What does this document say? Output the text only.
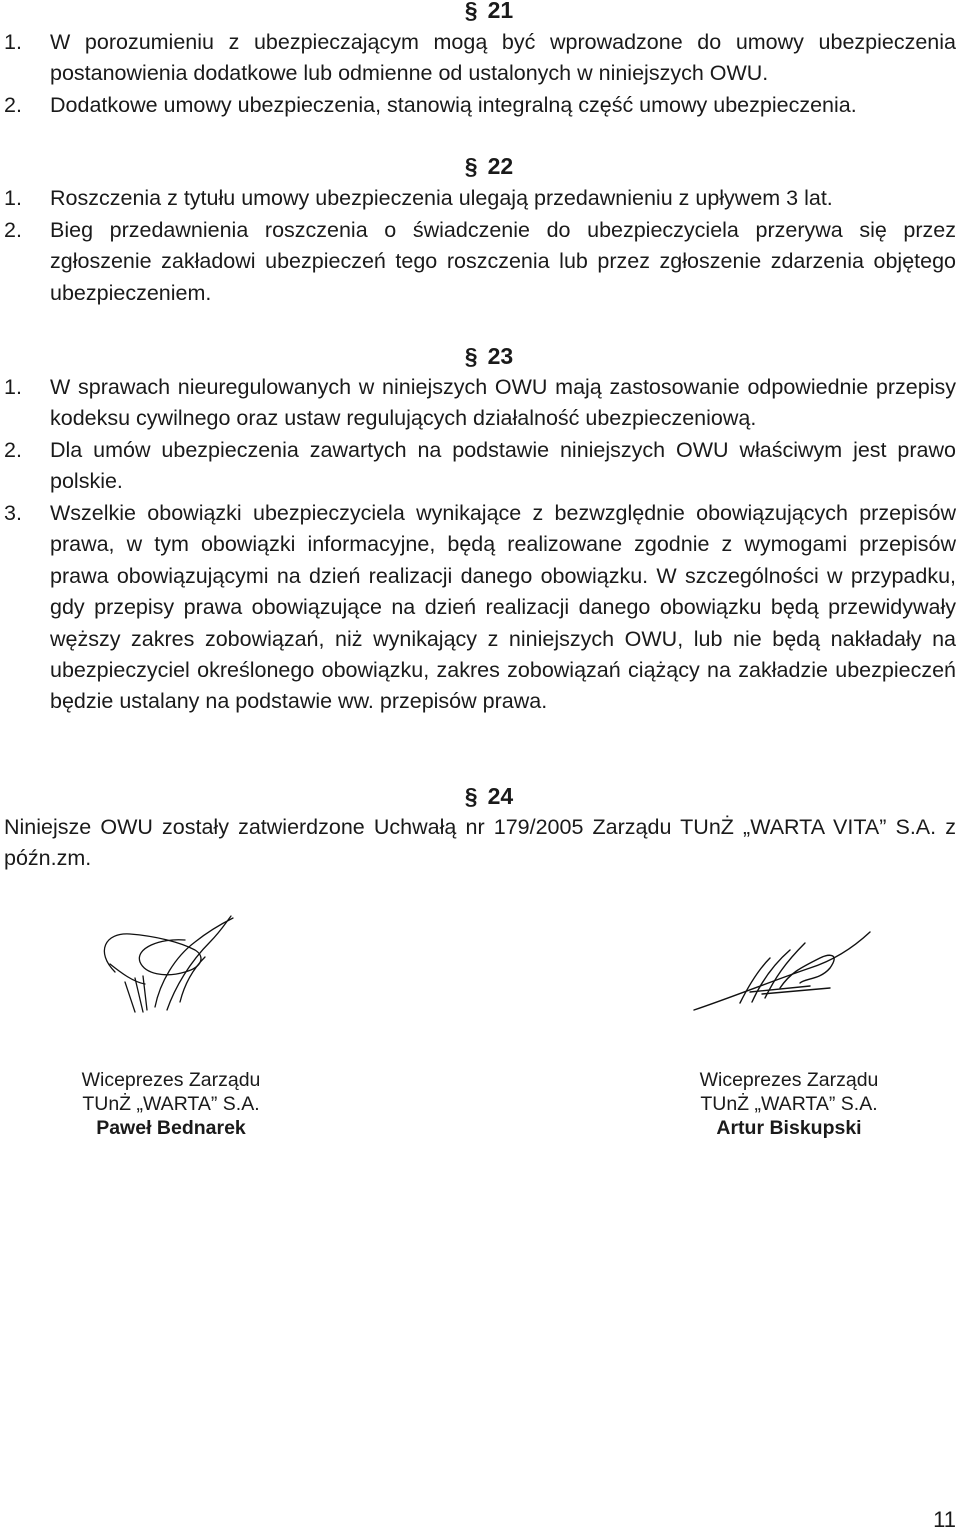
§ 21
1.	W porozumieniu z ubezpieczającym mogą być wprowadzone do umowy ubezpieczenia postanowienia dodatkowe lub odmienne od ustalonych w niniejszych OWU.
2.	Dodatkowe umowy ubezpieczenia, stanowią integralną część umowy ubezpieczenia.
§ 22
1.	Roszczenia z tytułu umowy ubezpieczenia ulegają przedawnieniu z upływem 3 lat.
2.	Bieg przedawnienia roszczenia o świadczenie do ubezpieczyciela przerywa się przez zgłoszenie zakładowi ubezpieczeń tego roszczenia lub przez zgłoszenie zdarzenia objętego ubezpieczeniem.
§ 23
1.	W sprawach nieuregulowanych w niniejszych OWU mają zastosowanie odpowiednie przepisy kodeksu cywilnego oraz ustaw regulujących działalność ubezpieczeniową.
2.	Dla umów ubezpieczenia zawartych na podstawie niniejszych OWU właściwym jest prawo polskie.
3.	Wszelkie obowiązki ubezpieczyciela wynikające z bezwzględnie obowiązujących przepisów prawa, w tym obowiązki informacyjne, będą realizowane zgodnie z wymogami przepisów prawa obowiązującymi na dzień realizacji danego obowiązku. W szczególności w przypadku, gdy przepisy prawa obowiązujące na dzień realizacji danego obowiązku będą przewidywały węższy zakres zobowiązań, niż wynikający z niniejszych OWU, lub nie będą nakładały na ubezpieczyciel określonego obowiązku, zakres zobowiązań ciążący na zakładzie ubezpieczeń będzie ustalany na podstawie ww. przepisów prawa.
§ 24
Niniejsze OWU zostały zatwierdzone Uchwałą nr 179/2005 Zarządu TUnŻ „WARTA VITA” S.A. z późn.zm.
Wiceprezes Zarządu
TUnŻ „WARTA” S.A.
Paweł Bednarek
Wiceprezes Zarządu
TUnŻ „WARTA” S.A.
Artur Biskupski
11
